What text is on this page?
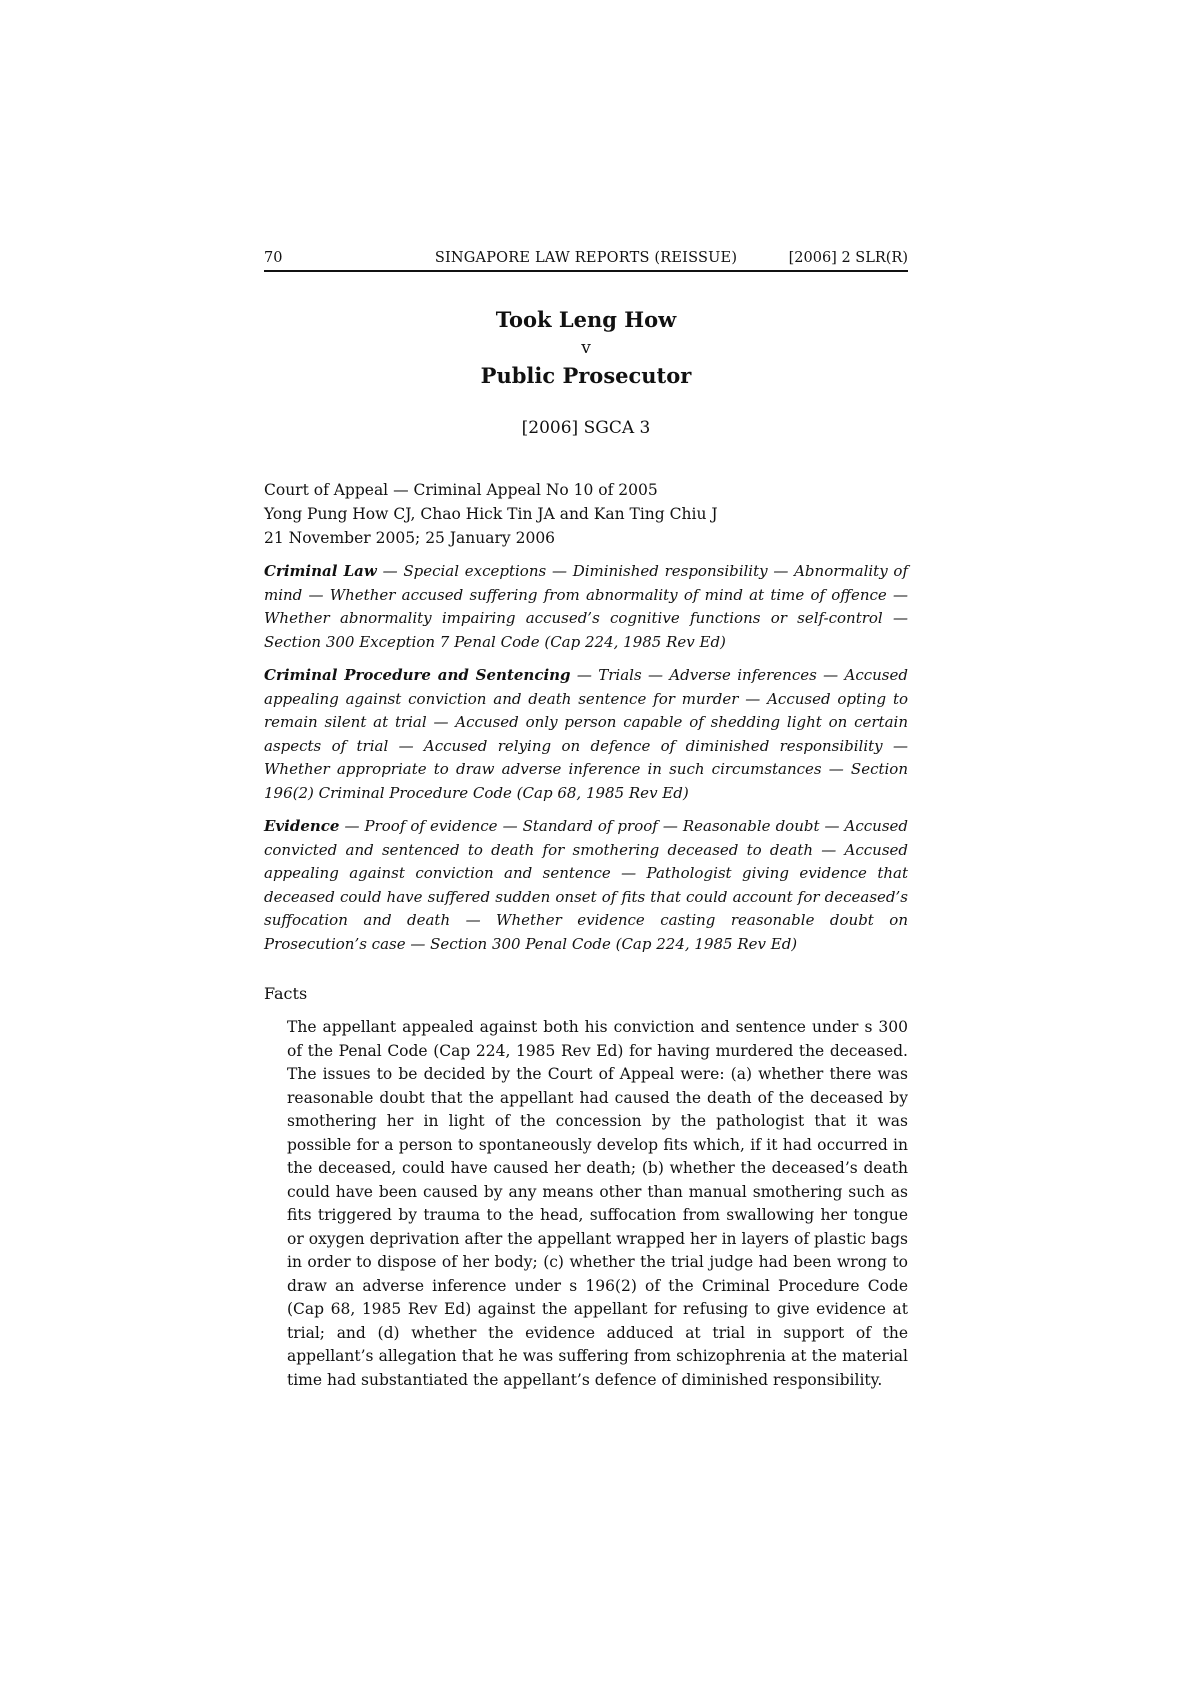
70	SINGAPORE LAW REPORTS (REISSUE)	[2006] 2 SLR(R)
Took Leng How
v
Public Prosecutor
[2006] SGCA 3
Court of Appeal — Criminal Appeal No 10 of 2005
Yong Pung How CJ, Chao Hick Tin JA and Kan Ting Chiu J
21 November 2005; 25 January 2006
Criminal Law — Special exceptions — Diminished responsibility — Abnormality of mind — Whether accused suffering from abnormality of mind at time of offence — Whether abnormality impairing accused’s cognitive functions or self-control — Section 300 Exception 7 Penal Code (Cap 224, 1985 Rev Ed)
Criminal Procedure and Sentencing — Trials — Adverse inferences — Accused appealing against conviction and death sentence for murder — Accused opting to remain silent at trial — Accused only person capable of shedding light on certain aspects of trial — Accused relying on defence of diminished responsibility — Whether appropriate to draw adverse inference in such circumstances — Section 196(2) Criminal Procedure Code (Cap 68, 1985 Rev Ed)
Evidence — Proof of evidence — Standard of proof — Reasonable doubt — Accused convicted and sentenced to death for smothering deceased to death — Accused appealing against conviction and sentence — Pathologist giving evidence that deceased could have suffered sudden onset of fits that could account for deceased’s suffocation and death — Whether evidence casting reasonable doubt on Prosecution’s case — Section 300 Penal Code (Cap 224, 1985 Rev Ed)
Facts
The appellant appealed against both his conviction and sentence under s 300 of the Penal Code (Cap 224, 1985 Rev Ed) for having murdered the deceased. The issues to be decided by the Court of Appeal were: (a) whether there was reasonable doubt that the appellant had caused the death of the deceased by smothering her in light of the concession by the pathologist that it was possible for a person to spontaneously develop fits which, if it had occurred in the deceased, could have caused her death; (b) whether the deceased’s death could have been caused by any means other than manual smothering such as fits triggered by trauma to the head, suffocation from swallowing her tongue or oxygen deprivation after the appellant wrapped her in layers of plastic bags in order to dispose of her body; (c) whether the trial judge had been wrong to draw an adverse inference under s 196(2) of the Criminal Procedure Code (Cap 68, 1985 Rev Ed) against the appellant for refusing to give evidence at trial; and (d) whether the evidence adduced at trial in support of the appellant’s allegation that he was suffering from schizophrenia at the material time had substantiated the appellant’s defence of diminished responsibility.
